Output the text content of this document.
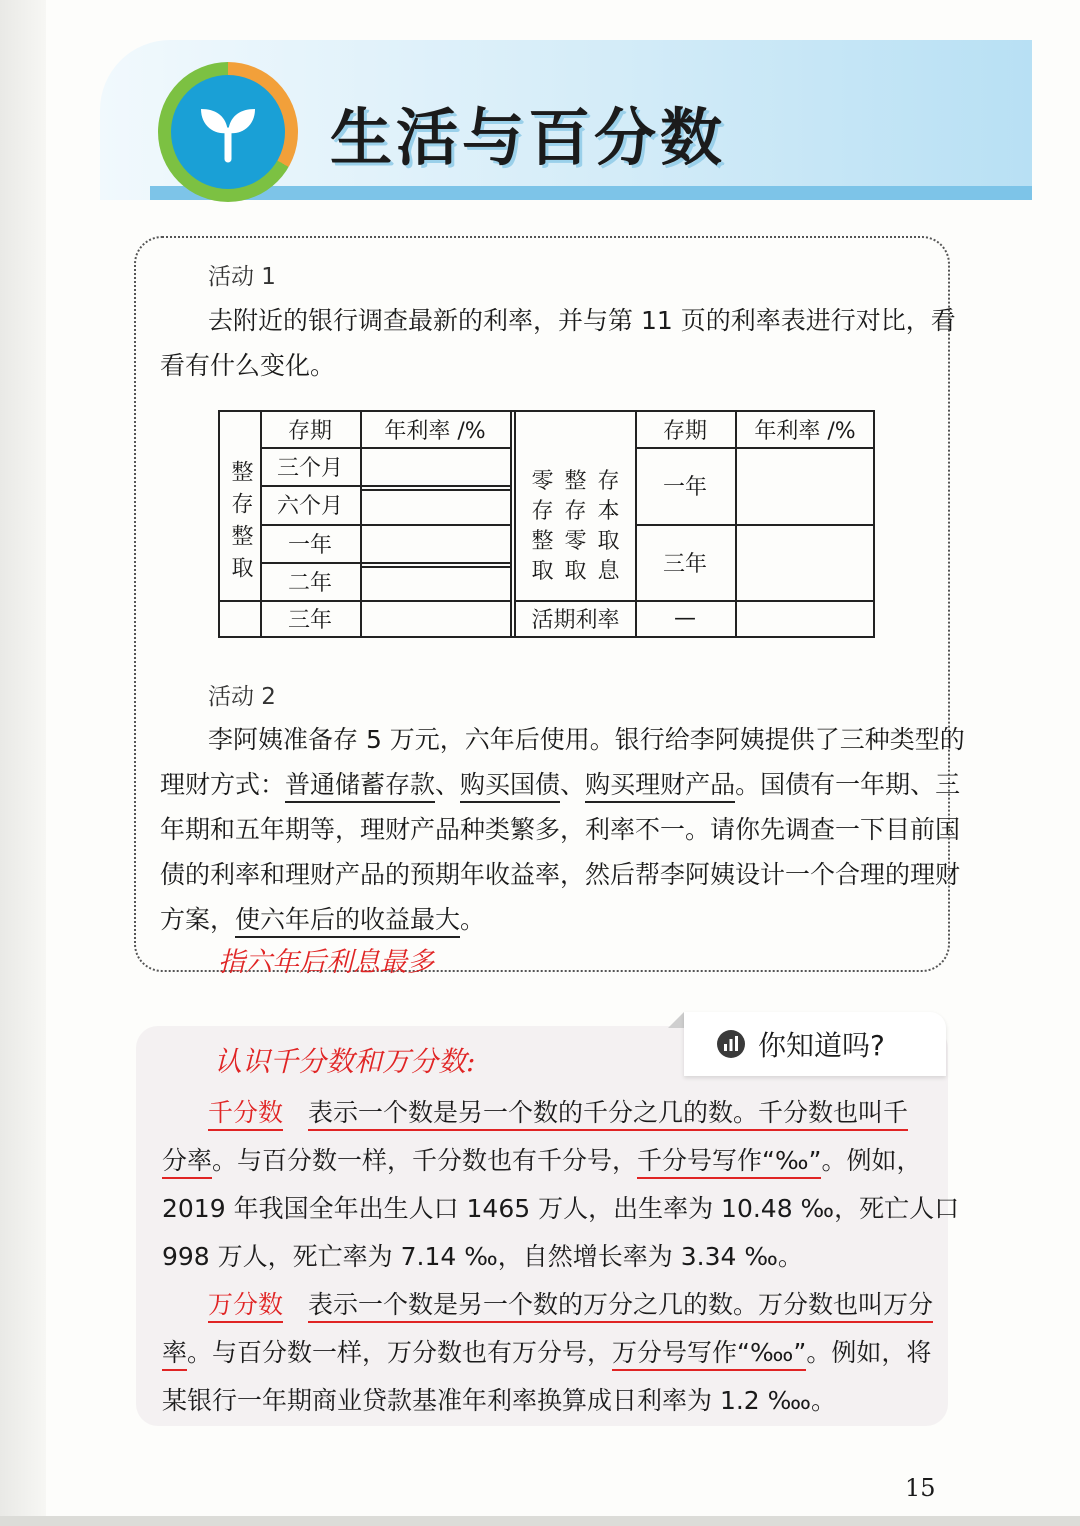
生活与百分数
活动 1
去附近的银行调查最新的利率，并与第 11 页的利率表进行对比，看
看有什么变化。
整存整取
存期	年利率 /%
三个月
六个月
一年
二年
三年
零 整 存
存 存 本
整 零 取
取 取 息
存期	年利率 /%
一年
三年
活期利率	—
活动 2
李阿姨准备存 5 万元，六年后使用。银行给李阿姨提供了三种类型的
理财方式：普通储蓄存款、购买国债、购买理财产品。国债有一年期、三
年期和五年期等，理财产品种类繁多，利率不一。请你先调查一下目前国
债的利率和理财产品的预期年收益率，然后帮李阿姨设计一个合理的理财
方案，使六年后的收益最大。
指六年后利息最多
你知道吗?
认识千分数和万分数:
千分数　 表示一个数是另一个数的千分之几的数。千分数也叫千
分率。与百分数一样，千分数也有千分号，千分号写作“‰”。例如，
2019 年我国全年出生人口 1465 万人，出生率为 10.48 ‰，死亡人口
998 万人，死亡率为 7.14 ‰，自然增长率为 3.34 ‰。
万分数　 表示一个数是另一个数的万分之几的数。万分数也叫万分
率。与百分数一样，万分数也有万分号，万分号写作“‱”。例如，将
某银行一年期商业贷款基准年利率换算成日利率为 1.2 ‱。
15
